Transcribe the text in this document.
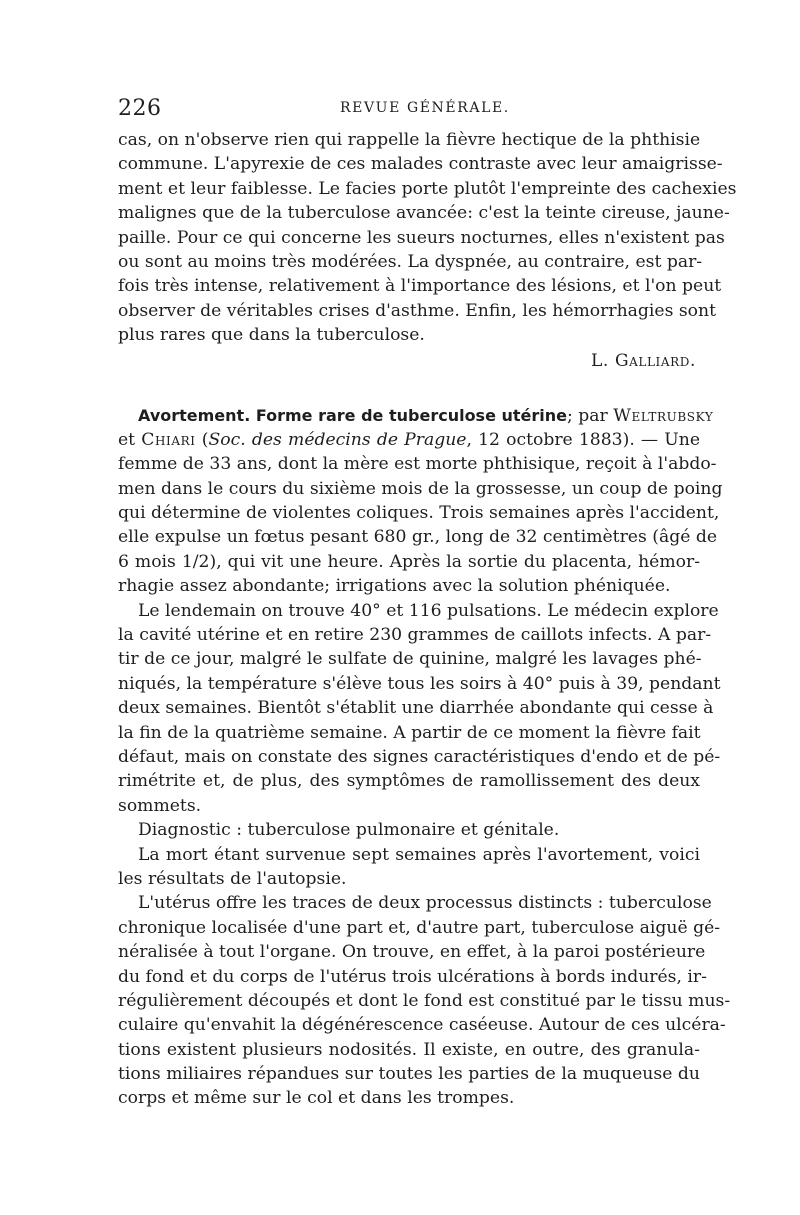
226	REVUE GÉNÉRALE.
cas, on n'observe rien qui rappelle la fièvre hectique de la phthisie
commune. L'apyrexie de ces malades contraste avec leur amaigrisse-
ment et leur faiblesse. Le facies porte plutôt l'empreinte des cachexies
malignes que de la tuberculose avancée: c'est la teinte cireuse, jaune-
paille. Pour ce qui concerne les sueurs nocturnes, elles n'existent pas
ou sont au moins très modérées. La dyspnée, au contraire, est par-
fois très intense, relativement à l'importance des lésions, et l'on peut
observer de véritables crises d'asthme. Enfin, les hémorrhagies sont
plus rares que dans la tuberculose.
L. Galliard.
Avortement. Forme rare de tuberculose utérine; par Weltrubsky
et Chiari (Soc. des médecins de Prague, 12 octobre 1883). — Une
femme de 33 ans, dont la mère est morte phthisique, reçoit à l'abdo-
men dans le cours du sixième mois de la grossesse, un coup de poing
qui détermine de violentes coliques. Trois semaines après l'accident,
elle expulse un fœtus pesant 680 gr., long de 32 centimètres (âgé de
6 mois 1/2), qui vit une heure. Après la sortie du placenta, hémor-
rhagie assez abondante; irrigations avec la solution phéniquée.
Le lendemain on trouve 40° et 116 pulsations. Le médecin explore
la cavité utérine et en retire 230 grammes de caillots infects. A par-
tir de ce jour, malgré le sulfate de quinine, malgré les lavages phé-
niqués, la température s'élève tous les soirs à 40° puis à 39, pendant
deux semaines. Bientôt s'établit une diarrhée abondante qui cesse à
la fin de la quatrième semaine. A partir de ce moment la fièvre fait
défaut, mais on constate des signes caractéristiques d'endo et de pé-
rimétrite et, de plus, des symptômes de ramollissement des deux
sommets.
Diagnostic : tuberculose pulmonaire et génitale.
La mort étant survenue sept semaines après l'avortement, voici
les résultats de l'autopsie.
L'utérus offre les traces de deux processus distincts : tuberculose
chronique localisée d'une part et, d'autre part, tuberculose aiguë gé-
néralisée à tout l'organe. On trouve, en effet, à la paroi postérieure
du fond et du corps de l'utérus trois ulcérations à bords indurés, ir-
régulièrement découpés et dont le fond est constitué par le tissu mus-
culaire qu'envahit la dégénérescence caséeuse. Autour de ces ulcéra-
tions existent plusieurs nodosités. Il existe, en outre, des granula-
tions miliaires répandues sur toutes les parties de la muqueuse du
corps et même sur le col et dans les trompes.
